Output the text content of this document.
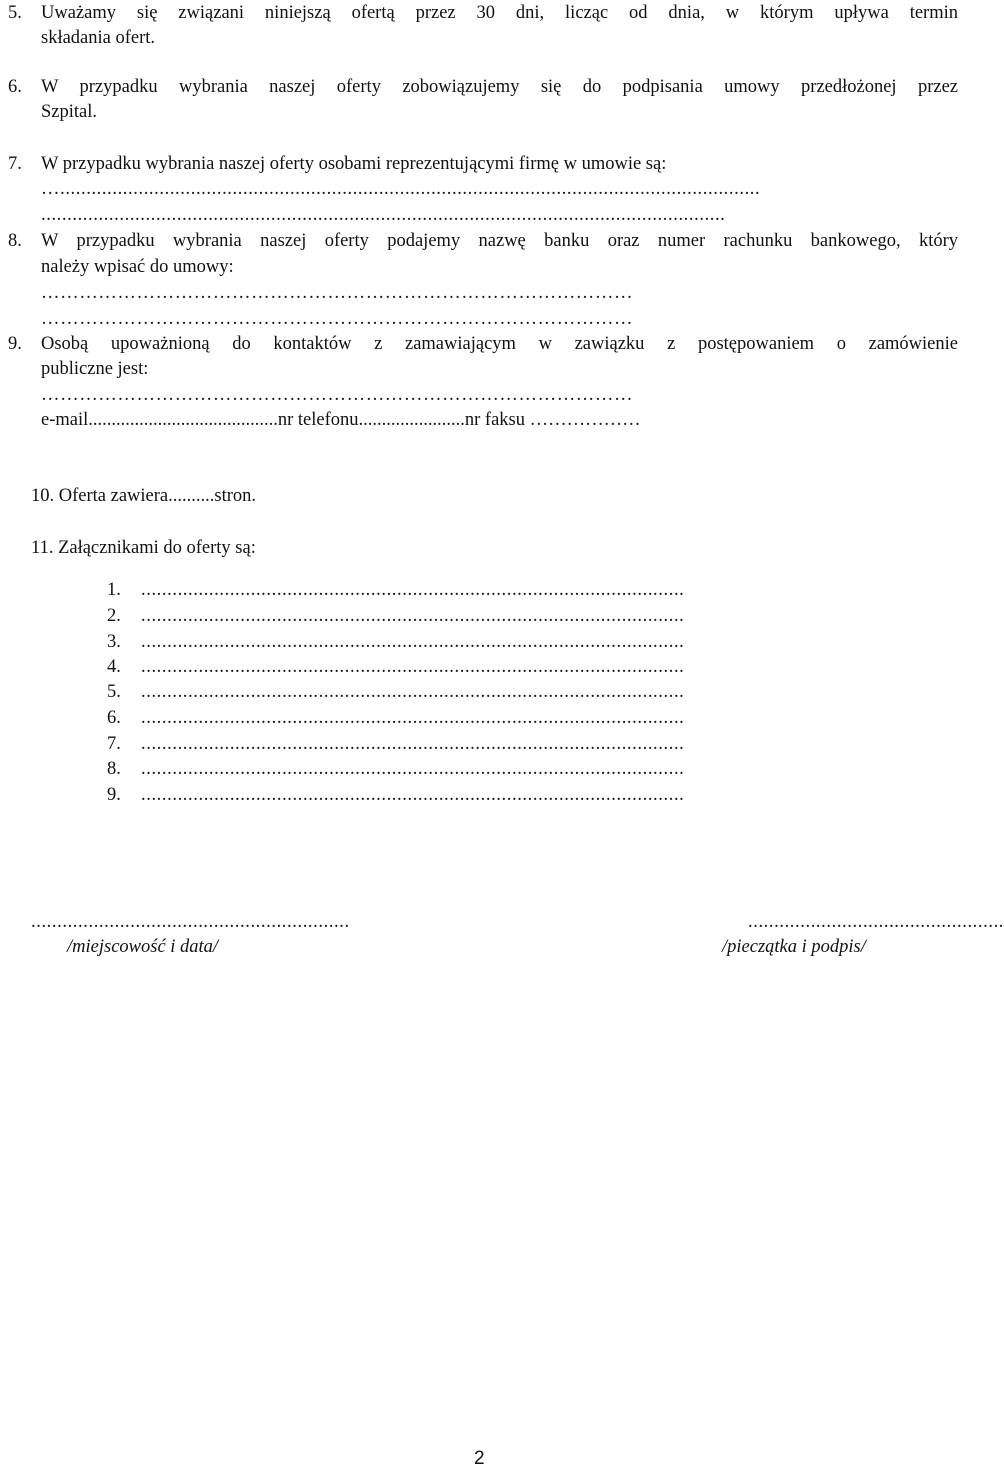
5. Uważamy się związani niniejszą ofertą przez 30 dni, licząc od dnia, w którym upływa termin
składania ofert.
6. W przypadku wybrania naszej oferty zobowiązujemy się do podpisania umowy przedłożonej przez
Szpital.
7. W przypadku wybrania naszej oferty osobami reprezentującymi firmę w umowie są:
…......................................................................................................................................
...................................................................................................................................
8. W przypadku wybrania naszej oferty podajemy nazwę banku oraz numer rachunku bankowego, który
należy wpisać do umowy:
…………………………………………………………………………………
…………………………………………………………………………………
9. Osobą upoważnioną do kontaktów z zamawiającym w zawiązku z postępowaniem o zamówienie
publiczne jest:
…………………………………………………………………………………
e-mail.........................................nr telefonu.......................nr faksu ………………
10. Oferta zawiera..........stron.
11. Załącznikami do oferty są:
1. ........................................................................................................
2. ........................................................................................................
3. ........................................................................................................
4. ........................................................................................................
5. ........................................................................................................
6. ........................................................................................................
7. ........................................................................................................
8. ........................................................................................................
9. ........................................................................................................
.............................................................
/miejscowość i data/
.................................................
/pieczątka i podpis/
2
